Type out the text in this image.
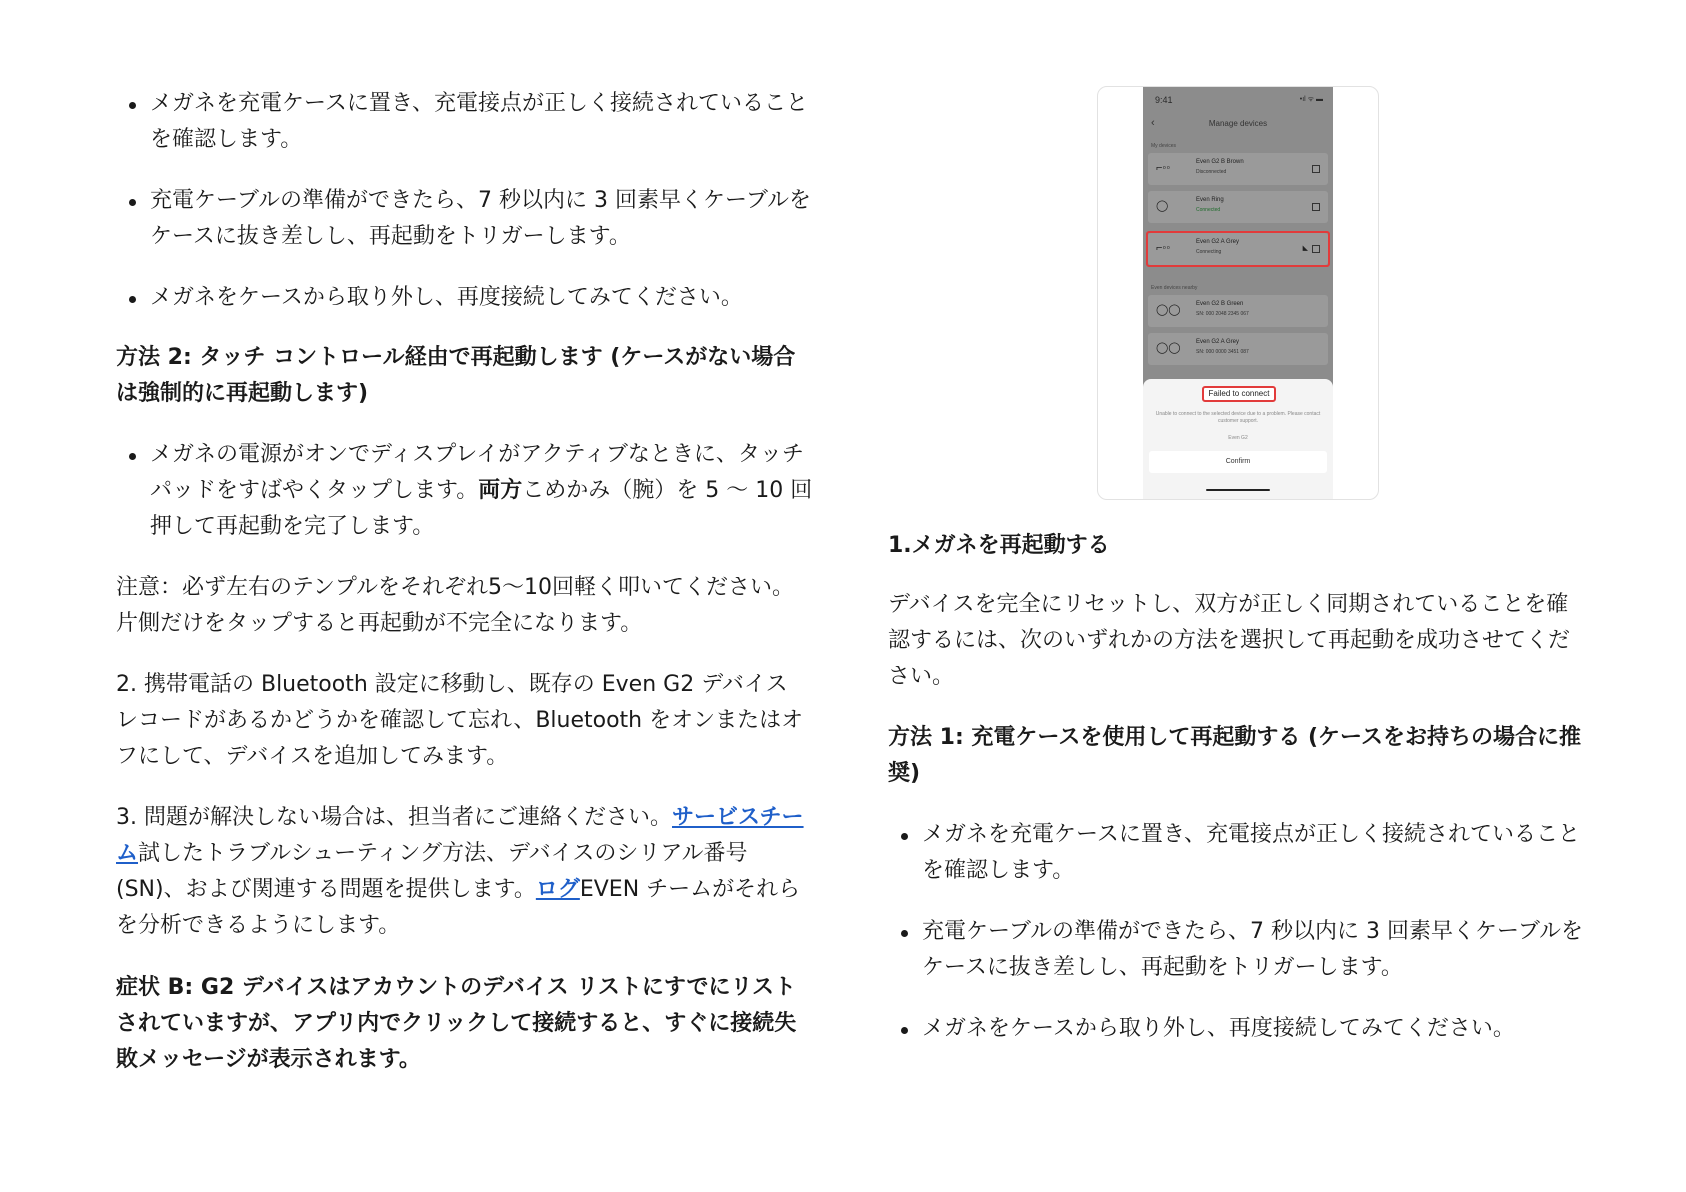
メガネを充電ケースに置き、充電接点が正しく接続されていることを確認します。
充電ケーブルの準備ができたら、7 秒以内に 3 回素早くケーブルをケースに抜き差しし、再起動をトリガーします。
メガネをケースから取り外し、再度接続してみてください。

方法 2: タッチ コントロール経由で再起動します (ケースがない場合は強制的に再起動します)

メガネの電源がオンでディスプレイがアクティブなときに、タッチパッドをすばやくタップします。両方こめかみ（腕）を 5 ～ 10 回押して再起動を完了します。

注意：必ず左右のテンプルをそれぞれ5〜10回軽く叩いてください。片側だけをタップすると再起動が不完全になります。

2. 携帯電話の Bluetooth 設定に移動し、既存の Even G2 デバイス レコードがあるかどうかを確認して忘れ、Bluetooth をオンまたはオフにして、デバイスを追加してみます。

3. 問題が解決しない場合は、担当者にご連絡ください。サービスチーム試したトラブルシューティング方法、デバイスのシリアル番号 (SN)、および関連する問題を提供します。ログEVEN チームがそれらを分析できるようにします。

症状 B: G2 デバイスはアカウントのデバイス リストにすでにリストされていますが、アプリ内でクリックして接続すると、すぐに接続失敗メッセージが表示されます。

9:41	•ıl ᯤ ▬
‹	Manage devices
My devices
⌐◦◦	Even G2 B Brown
Disconnected
◯	Even Ring
Connected
⌐◦◦	Even G2 A Grey
Connecting	◣
Even devices nearby
◯◯	Even G2 B Green
SN: 000 2048 2345 067
◯◯	Even G2 A Grey
SN: 000 0000 3451 087
Failed to connect
Unable to connect to the selected device due to a problem. Please contact customer support.
Even G2
Confirm

1.メガネを再起動する

デバイスを完全にリセットし、双方が正しく同期されていることを確認するには、次のいずれかの方法を選択して再起動を成功させてください。

方法 1: 充電ケースを使用して再起動する (ケースをお持ちの場合に推奨)

メガネを充電ケースに置き、充電接点が正しく接続されていることを確認します。
充電ケーブルの準備ができたら、7 秒以内に 3 回素早くケーブルをケースに抜き差しし、再起動をトリガーします。
メガネをケースから取り外し、再度接続してみてください。
